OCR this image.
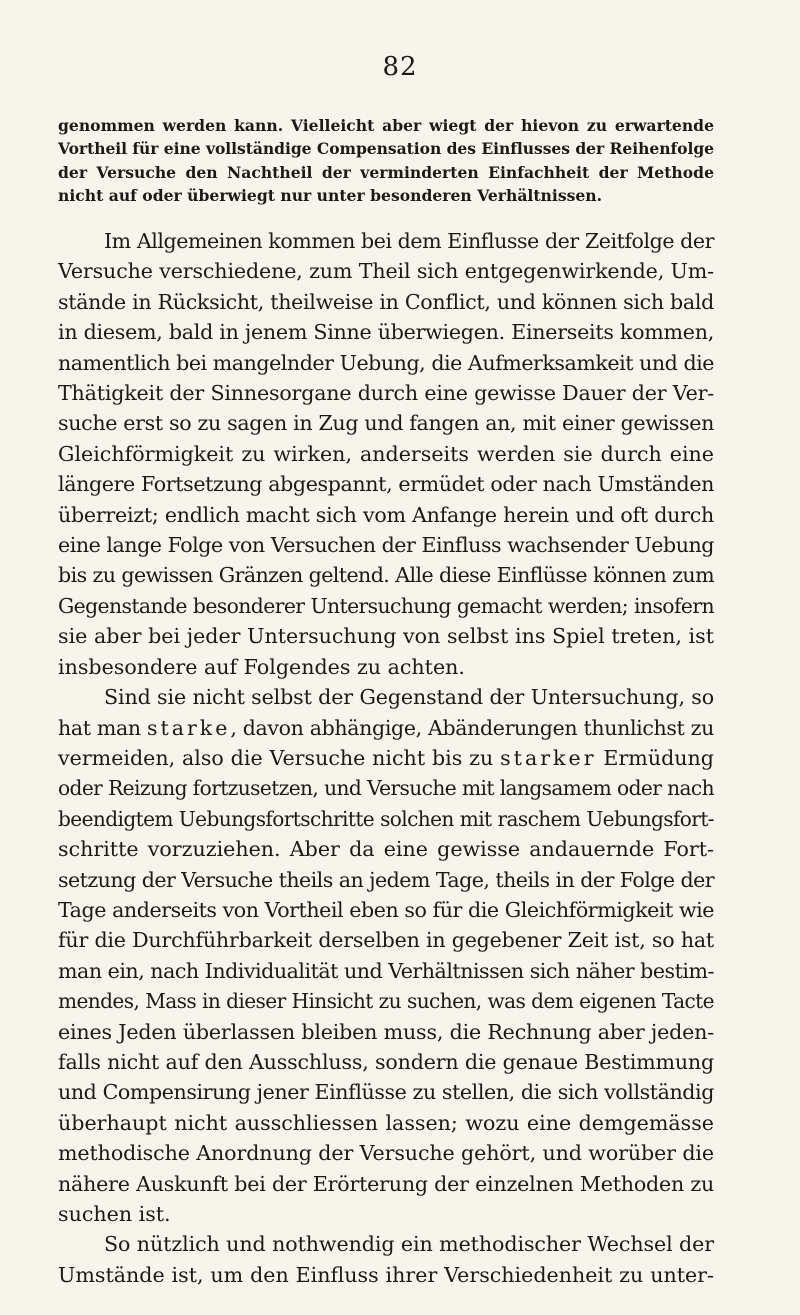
82
genommen werden kann. Vielleicht aber wiegt der hievon zu erwartende
Vortheil für eine vollständige Compensation des Einflusses der Reihenfolge
der Versuche den Nachtheil der verminderten Einfachheit der Methode
nicht auf oder überwiegt nur unter besonderen Verhältnissen.
Im Allgemeinen kommen bei dem Einflusse der Zeitfolge der
Versuche verschiedene, zum Theil sich entgegenwirkende, Um-
stände in Rücksicht, theilweise in Conflict, und können sich bald
in diesem, bald in jenem Sinne überwiegen. Einerseits kommen,
namentlich bei mangelnder Uebung, die Aufmerksamkeit und die
Thätigkeit der Sinnesorgane durch eine gewisse Dauer der Ver-
suche erst so zu sagen in Zug und fangen an, mit einer gewissen
Gleichförmigkeit zu wirken, anderseits werden sie durch eine
längere Fortsetzung abgespannt, ermüdet oder nach Umständen
überreizt; endlich macht sich vom Anfange herein und oft durch
eine lange Folge von Versuchen der Einfluss wachsender Uebung
bis zu gewissen Gränzen geltend. Alle diese Einflüsse können zum
Gegenstande besonderer Untersuchung gemacht werden; insofern
sie aber bei jeder Untersuchung von selbst ins Spiel treten, ist
insbesondere auf Folgendes zu achten.
Sind sie nicht selbst der Gegenstand der Untersuchung, so
hat man starke, davon abhängige, Abänderungen thunlichst zu
vermeiden, also die Versuche nicht bis zu starker Ermüdung
oder Reizung fortzusetzen, und Versuche mit langsamem oder nach
beendigtem Uebungsfortschritte solchen mit raschem Uebungsfort-
schritte vorzuziehen. Aber da eine gewisse andauernde Fort-
setzung der Versuche theils an jedem Tage, theils in der Folge der
Tage anderseits von Vortheil eben so für die Gleichförmigkeit wie
für die Durchführbarkeit derselben in gegebener Zeit ist, so hat
man ein, nach Individualität und Verhältnissen sich näher bestim-
mendes, Mass in dieser Hinsicht zu suchen, was dem eigenen Tacte
eines Jeden überlassen bleiben muss, die Rechnung aber jeden-
falls nicht auf den Ausschluss, sondern die genaue Bestimmung
und Compensirung jener Einflüsse zu stellen, die sich vollständig
überhaupt nicht ausschliessen lassen; wozu eine demgemässe
methodische Anordnung der Versuche gehört, und worüber die
nähere Auskunft bei der Erörterung der einzelnen Methoden zu
suchen ist.
So nützlich und nothwendig ein methodischer Wechsel der
Umstände ist, um den Einfluss ihrer Verschiedenheit zu unter-
